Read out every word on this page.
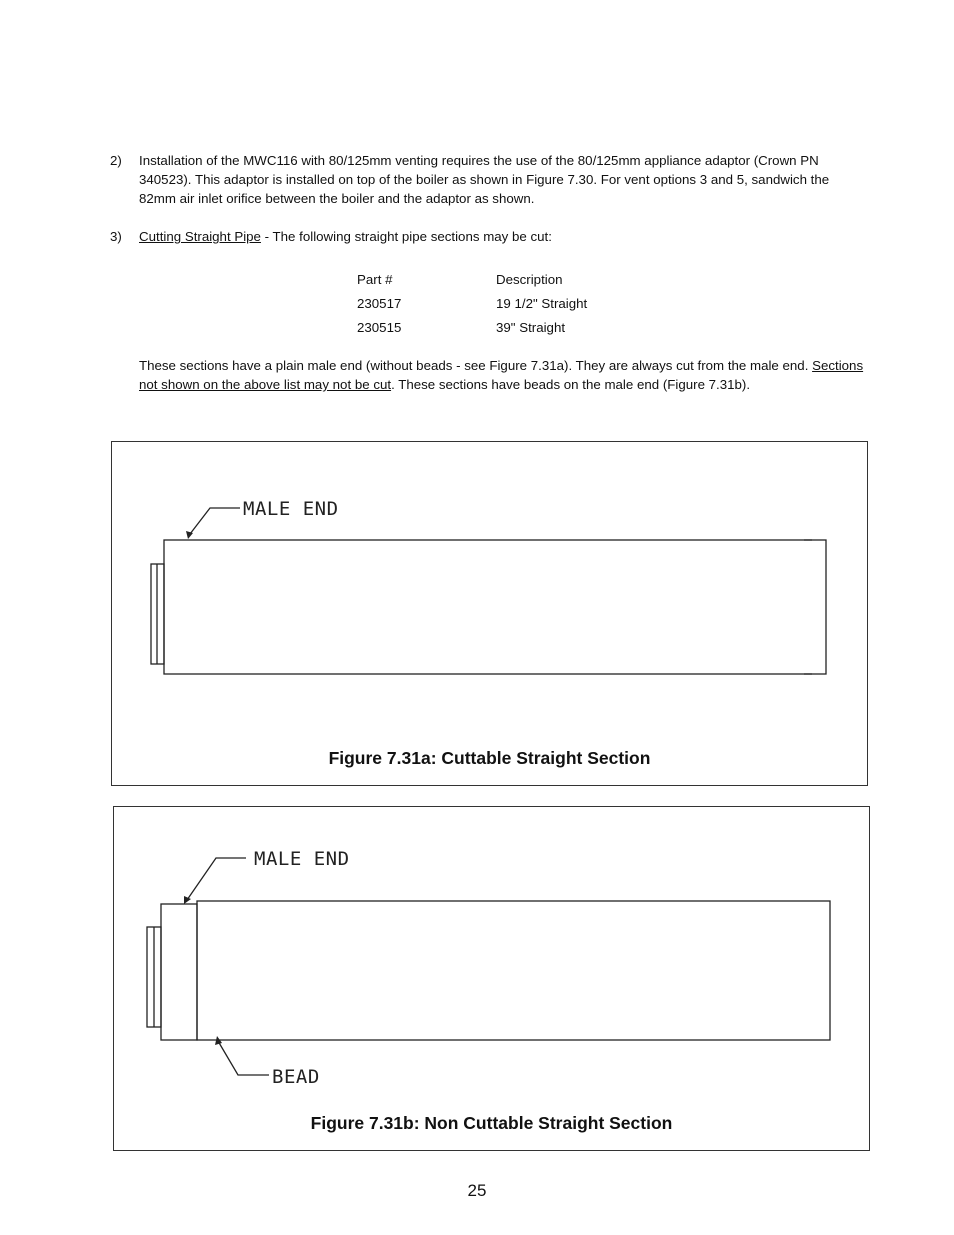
2) Installation of the MWC116 with 80/125mm venting requires the use of the 80/125mm appliance adaptor (Crown PN 340523). This adaptor is installed on top of the boiler as shown in Figure 7.30. For vent options 3 and 5, sandwich the 82mm air inlet orifice between the boiler and the adaptor as shown.
3) Cutting Straight Pipe - The following straight pipe sections may be cut:
Part #	Description
230517	19 1/2" Straight
230515	39" Straight
These sections have a plain male end (without beads - see Figure 7.31a). They are always cut from the male end. Sections not shown on the above list may not be cut. These sections have beads on the male end (Figure 7.31b).
MALE END
Figure 7.31a: Cuttable Straight Section
MALE END
BEAD
Figure 7.31b: Non Cuttable Straight Section
25
